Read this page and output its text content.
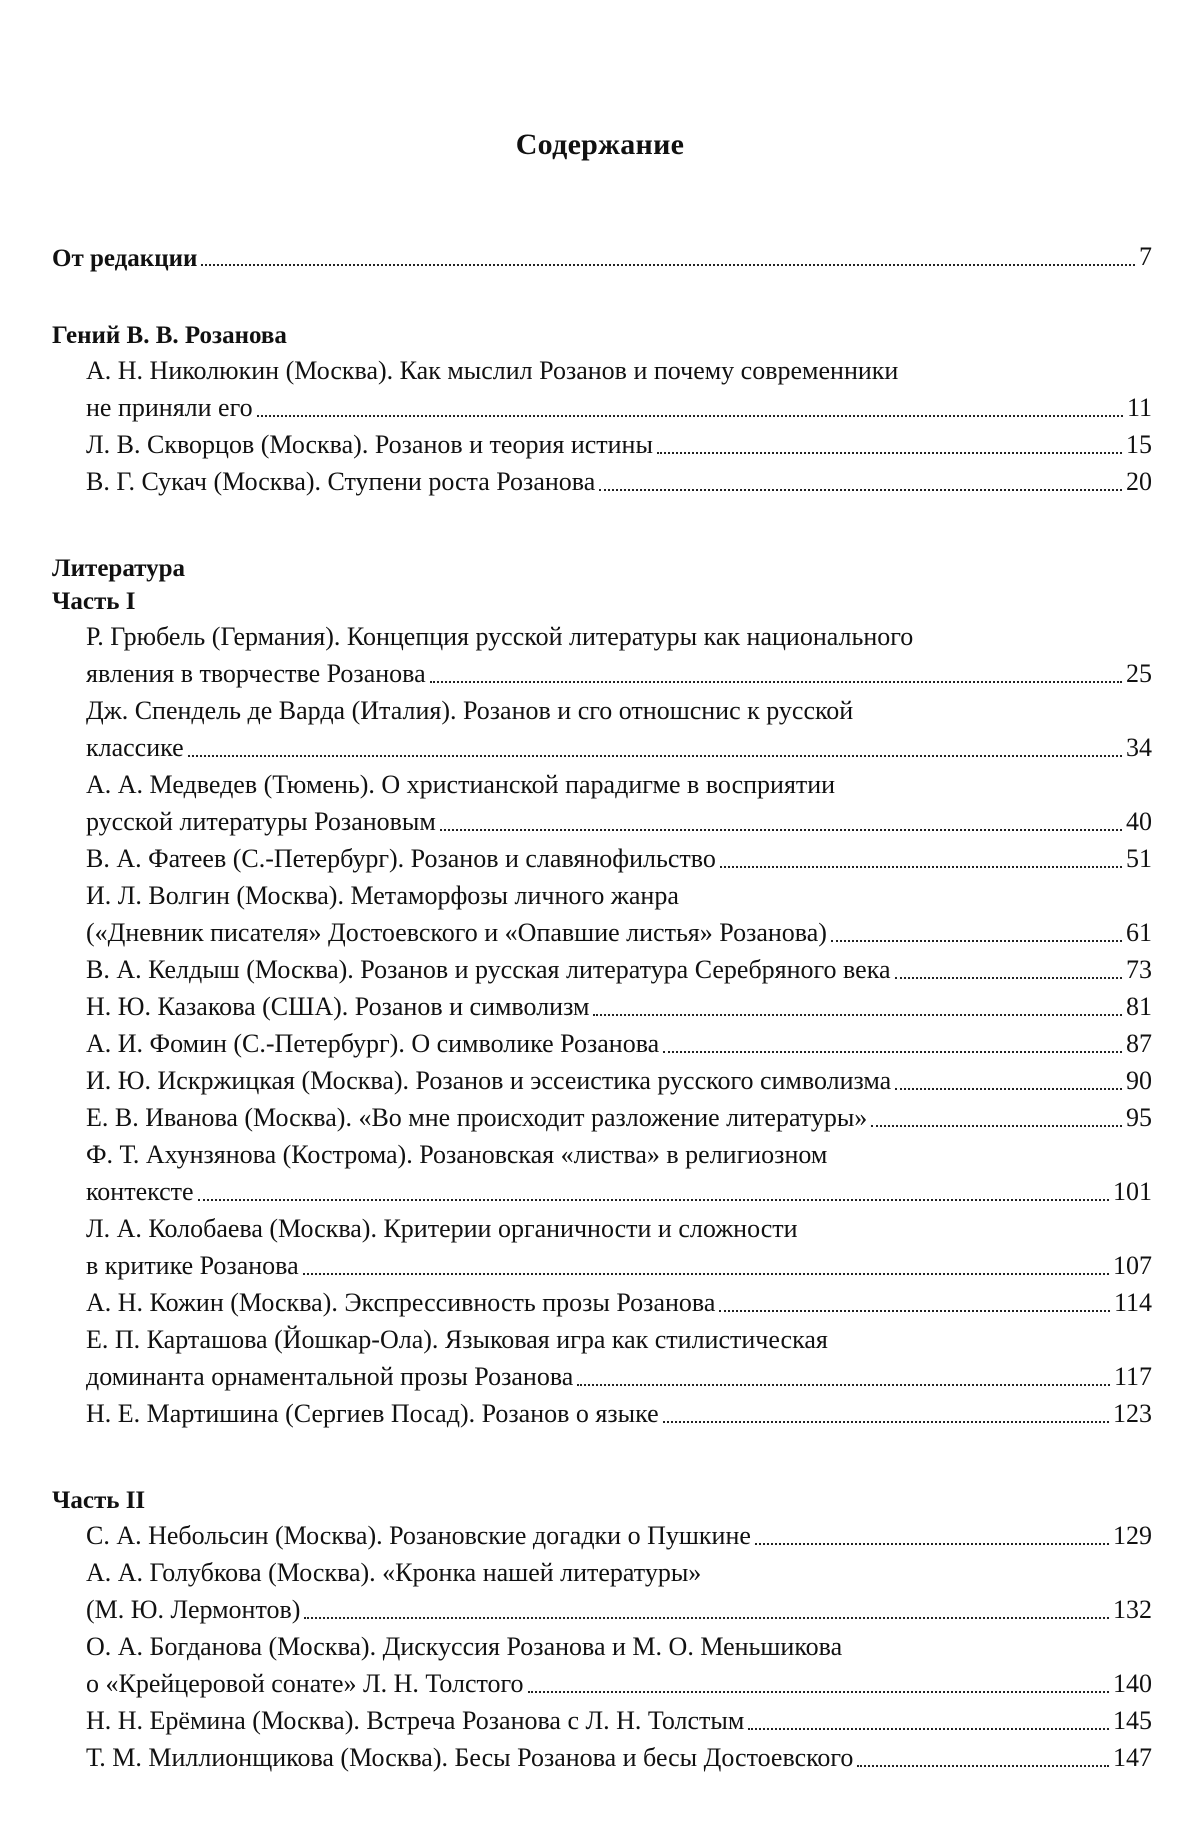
Содержание
От редакции	7
Гений В. В. Розанова
А. Н. Николюкин (Москва). Как мыслил Розанов и почему современники
не приняли его	11
Л. В. Скворцов (Москва). Розанов и теория истины	15
В. Г. Сукач (Москва). Ступени роста Розанова	20
Литература
Часть I
Р. Грюбель (Германия). Концепция русской литературы как национального
явления в творчестве Розанова	25
Дж. Спендель де Варда (Италия). Розанов и сго отношснис к русской
классике	34
А. А. Медведев (Тюмень). О христианской парадигме в восприятии
русской литературы Розановым	40
В. А. Фатеев (С.-Петербург). Розанов и славянофильство	51
И. Л. Волгин (Москва). Метаморфозы личного жанра
(«Дневник писателя» Достоевского и «Опавшие листья» Розанова)	61
В. А. Келдыш (Москва). Розанов и русская литература Серебряного века	73
Н. Ю. Казакова (США). Розанов и символизм	81
А. И. Фомин (С.-Петербург). О символике Розанова	87
И. Ю. Искржицкая (Москва). Розанов и эссеистика русского символизма	90
Е. В. Иванова (Москва). «Во мне происходит разложение литературы»	95
Ф. Т. Ахунзянова (Кострома). Розановская «листва» в религиозном
контексте	101
Л. А. Колобаева (Москва). Критерии органичности и сложности
в критике Розанова	107
А. Н. Кожин (Москва). Экспрессивность прозы Розанова	114
Е. П. Карташова (Йошкар-Ола). Языковая игра как стилистическая
доминанта орнаментальной прозы Розанова	117
Н. Е. Мартишина (Сергиев Посад). Розанов о языке	123
Часть II
С. А. Небольсин (Москва). Розановские догадки о Пушкине	129
А. А. Голубкова (Москва). «Кронка нашей литературы»
(М. Ю. Лермонтов)	132
О. А. Богданова (Москва). Дискуссия Розанова и М. О. Меньшикова
о «Крейцеровой сонате» Л. Н. Толстого	140
Н. Н. Ерёмина (Москва). Встреча Розанова с Л. Н. Толстым	145
Т. М. Миллионщикова (Москва). Бесы Розанова и бесы Достоевского	147
